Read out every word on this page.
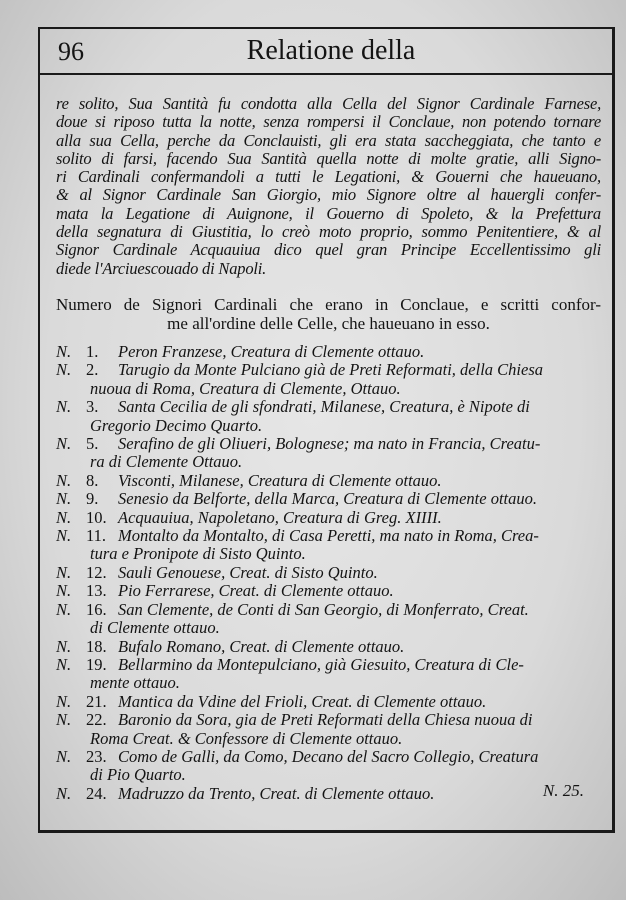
96	Relatione della
re solito, Sua Santità fu condotta alla Cella del Signor Cardinale Farnese,
doue si riposo tutta la notte, senza rompersi il Conclaue, non potendo tornare
alla sua Cella, perche da Conclauisti, gli era stata saccheggiata, che tanto e
solito di farsi, facendo Sua Santità quella notte di molte gratie, alli Signo-
ri Cardinali confermandoli a tutti le Legationi, & Gouerni che haueuano,
& al Signor Cardinale San Giorgio, mio Signore oltre al hauergli confer-
mata la Legatione di Auignone, il Gouerno di Spoleto, & la Prefettura
della segnatura di Giustitia, lo creò moto proprio, sommo Penitentiere, & al
Signor Cardinale Acquauiua dico quel gran Principe Eccellentissimo gli
diede l'Arciuescouado di Napoli.
Numero de Signori Cardinali che erano in Conclaue, e scritti confor-
me all'ordine delle Celle, che haueuano in esso.
N. 1. Peron Franzese, Creatura di Clemente ottauo.
N. 2. Tarugio da Monte Pulciano già de Preti Reformati, della Chiesa
nuoua di Roma, Creatura di Clemente, Ottauo.
N. 3. Santa Cecilia de gli sfondrati, Milanese, Creatura, è Nipote di
Gregorio Decimo Quarto.
N. 5. Serafino de gli Oliueri, Bolognese; ma nato in Francia, Creatu-
ra di Clemente Ottauo.
N. 8. Visconti, Milanese, Creatura di Clemente ottauo.
N. 9. Senesio da Belforte, della Marca, Creatura di Clemente ottauo.
N. 10. Acquauiua, Napoletano, Creatura di Greg. XIIII.
N. 11. Montalto da Montalto, di Casa Peretti, ma nato in Roma, Crea-
tura e Pronipote di Sisto Quinto.
N. 12. Sauli Genouese, Creat. di Sisto Quinto.
N. 13. Pio Ferrarese, Creat. di Clemente ottauo.
N. 16. San Clemente, de Conti di San Georgio, di Monferrato, Creat.
di Clemente ottauo.
N. 18. Bufalo Romano, Creat. di Clemente ottauo.
N. 19. Bellarmino da Montepulciano, già Giesuito, Creatura di Cle-
mente ottauo.
N. 21. Mantica da Vdine del Frioli, Creat. di Clemente ottauo.
N. 22. Baronio da Sora, gia de Preti Reformati della Chiesa nuoua di
Roma Creat. & Confessore di Clemente ottauo.
N. 23. Como de Galli, da Como, Decano del Sacro Collegio, Creatura
di Pio Quarto.
N. 24. Madruzzo da Trento, Creat. di Clemente ottauo.	N. 25.
